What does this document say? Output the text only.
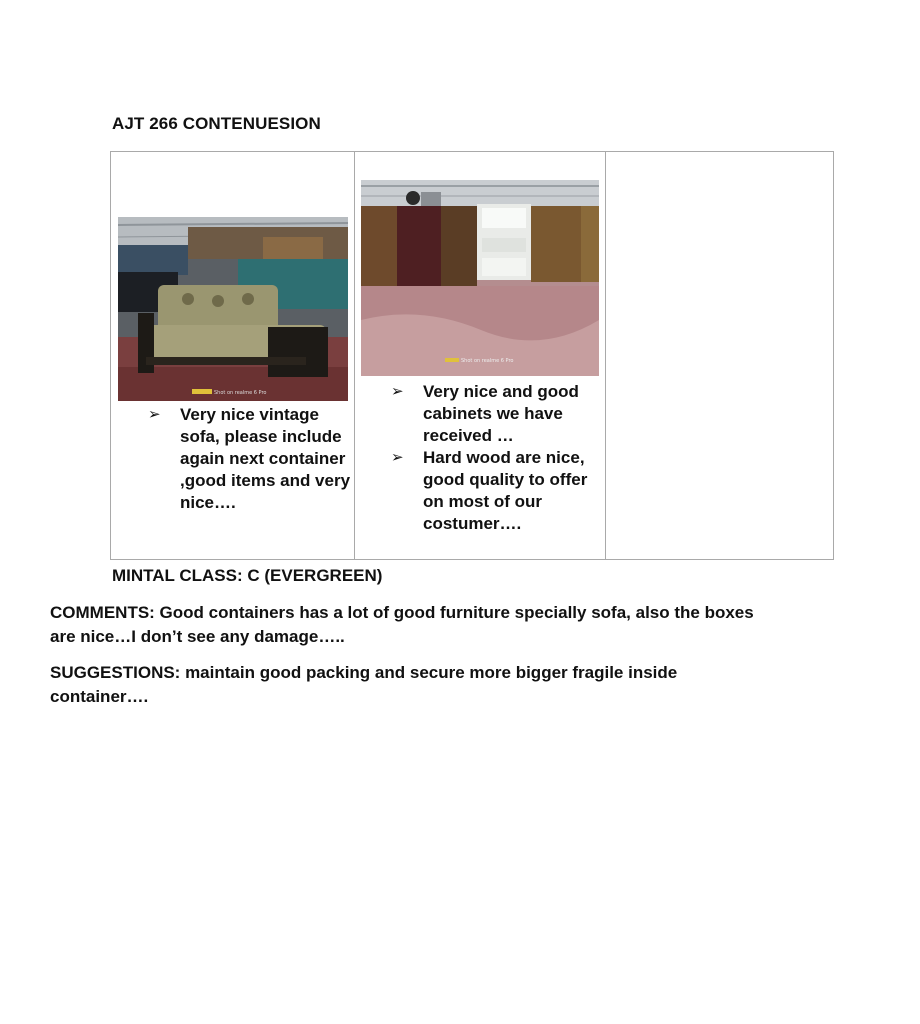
AJT 266 CONTENUESION
Shot on realme 6 Pro
➢ Very nice vintage sofa, please include again next container ,good items and very nice….
Shot on realme 6 Pro
➢ Very nice and good cabinets we have received …
➢ Hard wood are nice, good quality to offer on most of our costumer….
MINTAL CLASS: C (EVERGREEN)
COMMENTS: Good containers has a lot of good furniture specially sofa, also the boxes
are nice…I don’t see any damage…..
SUGGESTIONS: maintain good packing and secure more bigger fragile inside
container….
